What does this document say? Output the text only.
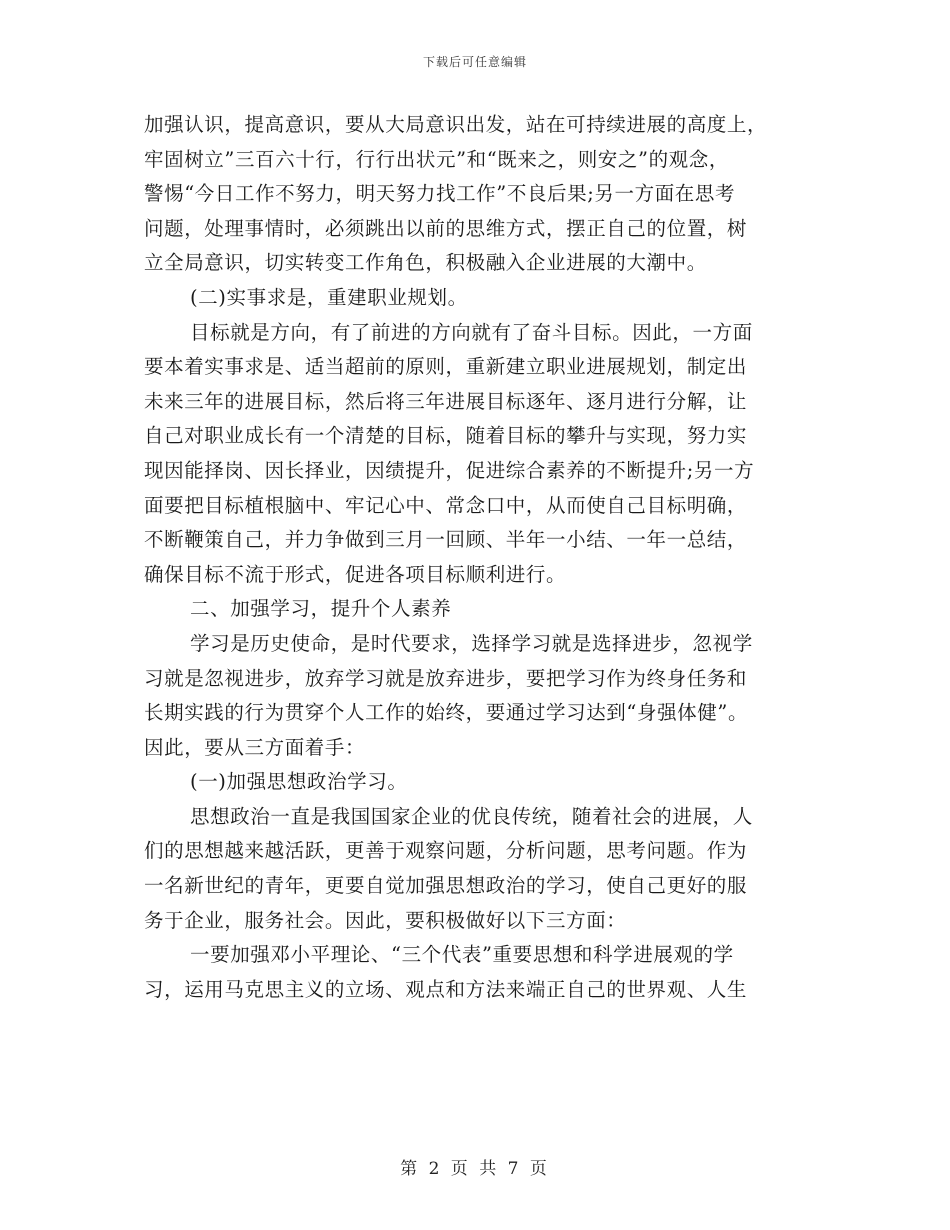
下载后可任意编辑
加强认识，提高意识，要从大局意识出发，站在可持续进展的高度上，
牢固树立”三百六十行，行行出状元”和“既来之，则安之”的观念，
警惕“今日工作不努力，明天努力找工作”不良后果;另一方面在思考
问题，处理事情时，必须跳出以前的思维方式，摆正自己的位置，树
立全局意识，切实转变工作角色，积极融入企业进展的大潮中。
(二)实事求是，重建职业规划。
目标就是方向，有了前进的方向就有了奋斗目标。因此，一方面
要本着实事求是、适当超前的原则，重新建立职业进展规划，制定出
未来三年的进展目标，然后将三年进展目标逐年、逐月进行分解，让
自己对职业成长有一个清楚的目标，随着目标的攀升与实现，努力实
现因能择岗、因长择业，因绩提升，促进综合素养的不断提升;另一方
面要把目标植根脑中、牢记心中、常念口中，从而使自己目标明确，
不断鞭策自己，并力争做到三月一回顾、半年一小结、一年一总结，
确保目标不流于形式，促进各项目标顺利进行。
二、加强学习，提升个人素养
学习是历史使命，是时代要求，选择学习就是选择进步，忽视学
习就是忽视进步，放弃学习就是放弃进步，要把学习作为终身任务和
长期实践的行为贯穿个人工作的始终，要通过学习达到“身强体健”。
因此，要从三方面着手：
(一)加强思想政治学习。
思想政治一直是我国国家企业的优良传统，随着社会的进展，人
们的思想越来越活跃，更善于观察问题，分析问题，思考问题。作为
一名新世纪的青年，更要自觉加强思想政治的学习，使自己更好的服
务于企业，服务社会。因此，要积极做好以下三方面：
一要加强邓小平理论、“三个代表”重要思想和科学进展观的学
习，运用马克思主义的立场、观点和方法来端正自己的世界观、人生
第 2 页 共 7 页
